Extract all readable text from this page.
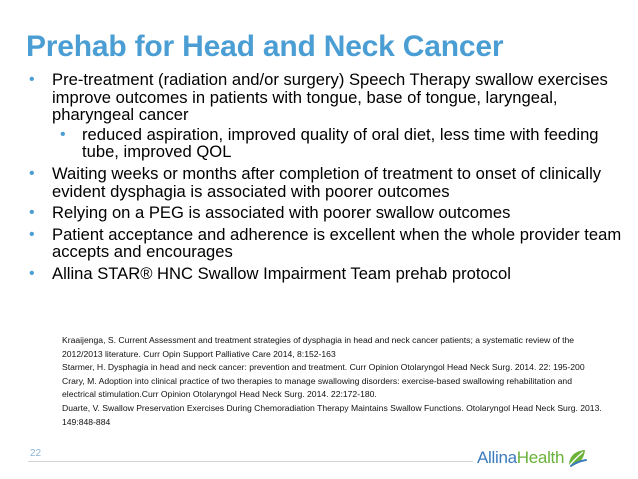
Prehab for Head and Neck Cancer
• Pre-treatment (radiation and/or surgery) Speech Therapy swallow exercises improve outcomes in patients with tongue, base of tongue, laryngeal, pharyngeal cancer
• reduced aspiration, improved quality of oral diet, less time with feeding tube, improved QOL
• Waiting weeks or months after completion of treatment to onset of clinically evident dysphagia is associated with poorer outcomes
• Relying on a PEG is associated with poorer swallow outcomes
• Patient acceptance and adherence is excellent when the whole provider team accepts and encourages
• Allina STAR® HNC Swallow Impairment Team prehab protocol
Kraaijenga, S. Current Assessment and treatment strategies of dysphagia in head and neck cancer patients; a systematic review of the 2012/2013 literature. Curr Opin Support Palliative Care 2014, 8:152-163
Starmer, H. Dysphagia in head and neck cancer: prevention and treatment. Curr Opinion Otolaryngol Head Neck Surg. 2014. 22: 195-200
Crary, M. Adoption into clinical practice of two therapies to manage swallowing disorders: exercise-based swallowing rehabilitation and electrical stimulation.Curr Opinion Otolaryngol Head Neck Surg. 2014. 22:172-180.
Duarte, V. Swallow Preservation Exercises During Chemoradiation Therapy Maintains Swallow Functions. Otolaryngol Head Neck Surg. 2013. 149:848-884
22	AllinaHealth
